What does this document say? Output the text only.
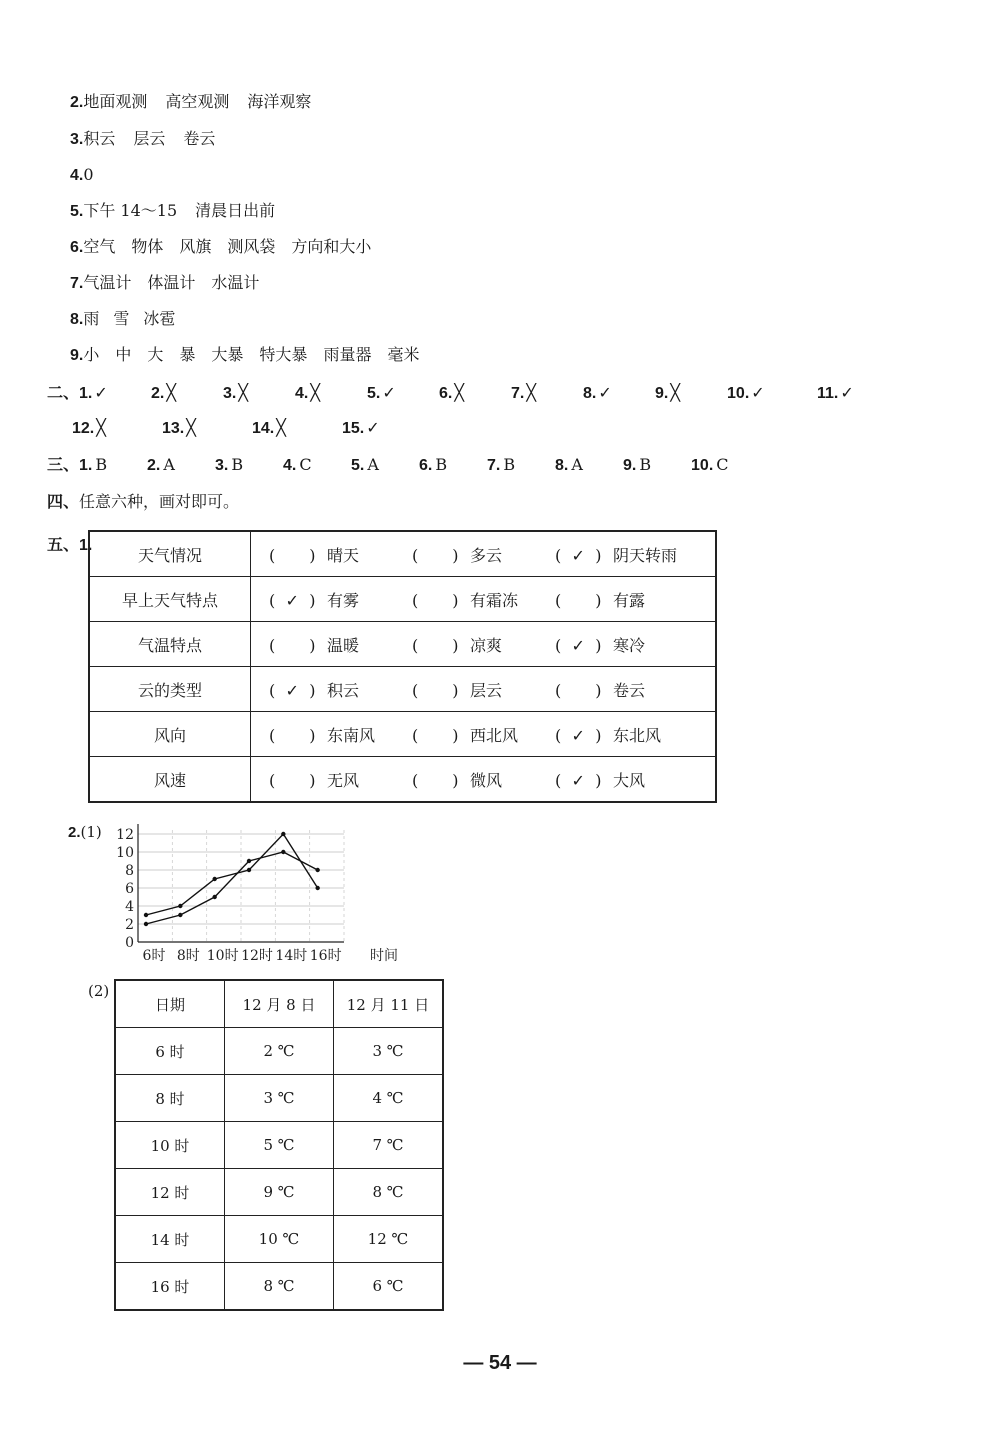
2.地面观测 高空观测 海洋观察
3.积云 层云 卷云
4.0
5.下午 14～15 清晨日出前
6.空气 物体 风旗 测风袋 方向和大小
7.气温计 体温计 水温计
8.雨 雪 冰雹
9.小 中 大 暴 大暴 特大暴 雨量器 毫米
二、1. ✓	2. ╳	3. ╳	4. ╳	5. ✓	6. ╳	7. ╳	8. ✓	9. ╳	10. ✓	11. ✓
12. ╳	13. ╳	14. ╳	15. ✓
三、1. B 2. A	3. B 4. C 5. A	6. B 7. B 8. A	9. B 10. C
四、任意六种，画对即可。
五、1.	天气情况	( ) 晴天 ( ) 多云 ( ✓ ) 阴天转雨
早上天气特点	( ✓ ) 有雾 ( ) 有霜冻 ( ) 有露
气温特点	( ) 温暖 ( ) 凉爽 ( ✓ ) 寒冷
云的类型	( ✓ ) 积云 ( ) 层云 ( ) 卷云
风向	( ) 东南风 ( ) 西北风 ( ✓ ) 东北风
风速	( ) 无风 ( ) 微风 ( ✓ ) 大风
2.(1)
0
2
4
6
8
10
12
6时 8时 10时 12时 14时 16时 时间
(2)
日期	12 月 8 日	12 月 11 日
6 时	2 ℃	3 ℃
8 时	3 ℃	4 ℃
10 时	5 ℃	7 ℃
12 时	9 ℃	8 ℃
14 时	10 ℃	12 ℃
16 时	8 ℃	6 ℃
— 54 —
